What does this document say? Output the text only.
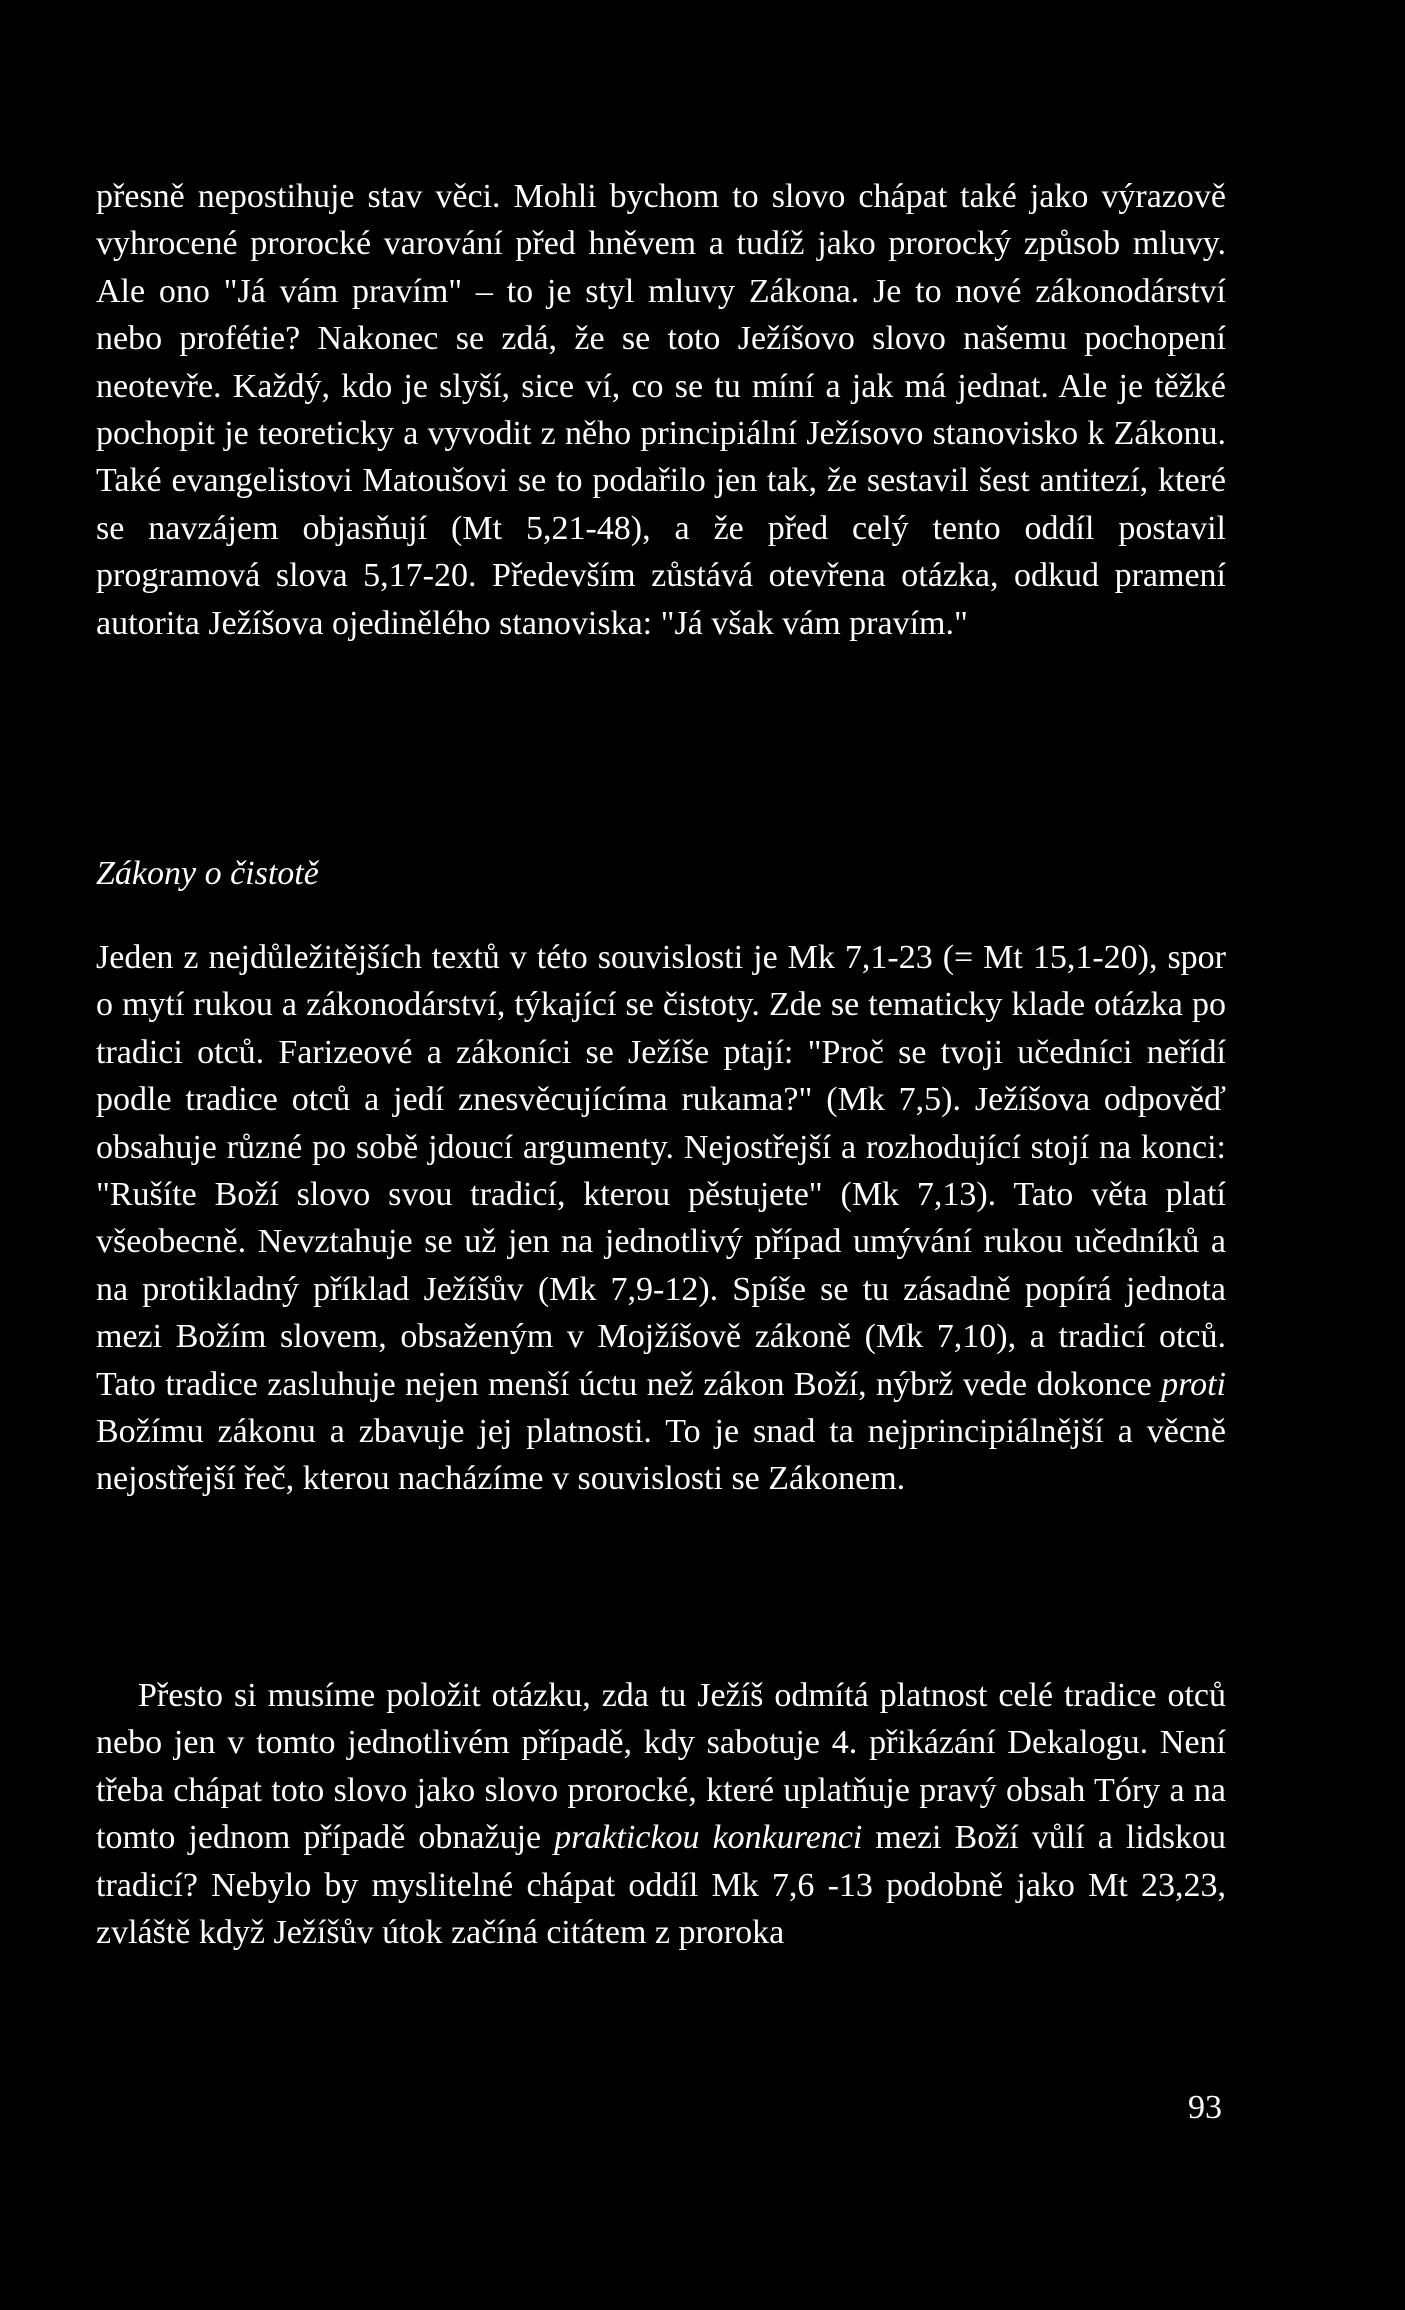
přesně nepostihuje stav věci. Mohli bychom to slovo chápat také jako výrazově vyhrocené prorocké varování před hněvem a tudíž jako prorocký způsob mluvy. Ale ono "Já vám pravím" – to je styl mluvy Zákona. Je to nové zákonodárství nebo profétie? Nakonec se zdá, že se toto Ježíšovo slovo našemu pochopení neotevře. Každý, kdo je slyší, sice ví, co se tu míní a jak má jednat. Ale je těžké pochopit je teoreticky a vyvodit z něho principiální Ježísovo stanovisko k Zákonu. Také evangelistovi Matoušovi se to podařilo jen tak, že sestavil šest antitezí, které se navzájem objasňují (Mt 5,21-48), a že před celý tento oddíl postavil programová slova 5,17-20. Především zůstává otevřena otázka, odkud pramení autorita Ježíšova ojedinělého stanoviska: "Já však vám pravím."

Zákony o čistotě

Jeden z nejdůležitějších textů v této souvislosti je Mk 7,1-23 (= Mt 15,1-20), spor o mytí rukou a zákonodárství, týkající se čistoty. Zde se tematicky klade otázka po tradici otců. Farizeové a zákoníci se Ježíše ptají: "Proč se tvoji učedníci neřídí podle tradice otců a jedí znesvěcujícíma rukama?" (Mk 7,5). Ježíšova odpověď obsahuje různé po sobě jdoucí argumenty. Nejostřejší a rozhodující stojí na konci: "Rušíte Boží slovo svou tradicí, kterou pěstujete" (Mk 7,13). Tato věta platí všeobecně. Nevztahuje se už jen na jednotlivý případ umývání rukou učedníků a na protikladný příklad Ježíšův (Mk 7,9-12). Spíše se tu zásadně popírá jednota mezi Božím slovem, obsaženým v Mojžíšově zákoně (Mk 7,10), a tradicí otců. Tato tradice zasluhuje nejen menší úctu než zákon Boží, nýbrž vede dokonce proti Božímu zákonu a zbavuje jej platnosti. To je snad ta nejprincipiálnější a věcně nejostřejší řeč, kterou nacházíme v souvislosti se Zákonem.

Přesto si musíme položit otázku, zda tu Ježíš odmítá platnost celé tradice otců nebo jen v tomto jednotlivém případě, kdy sabotuje 4. přikázání Dekalogu. Není třeba chápat toto slovo jako slovo prorocké, které uplatňuje pravý obsah Tóry a na tomto jednom případě obnažuje praktickou konkurenci mezi Boží vůlí a lidskou tradicí? Nebylo by myslitelné chápat oddíl Mk 7,6 -13 podobně jako Mt 23,23, zvláště když Ježíšův útok začíná citátem z proroka

93
